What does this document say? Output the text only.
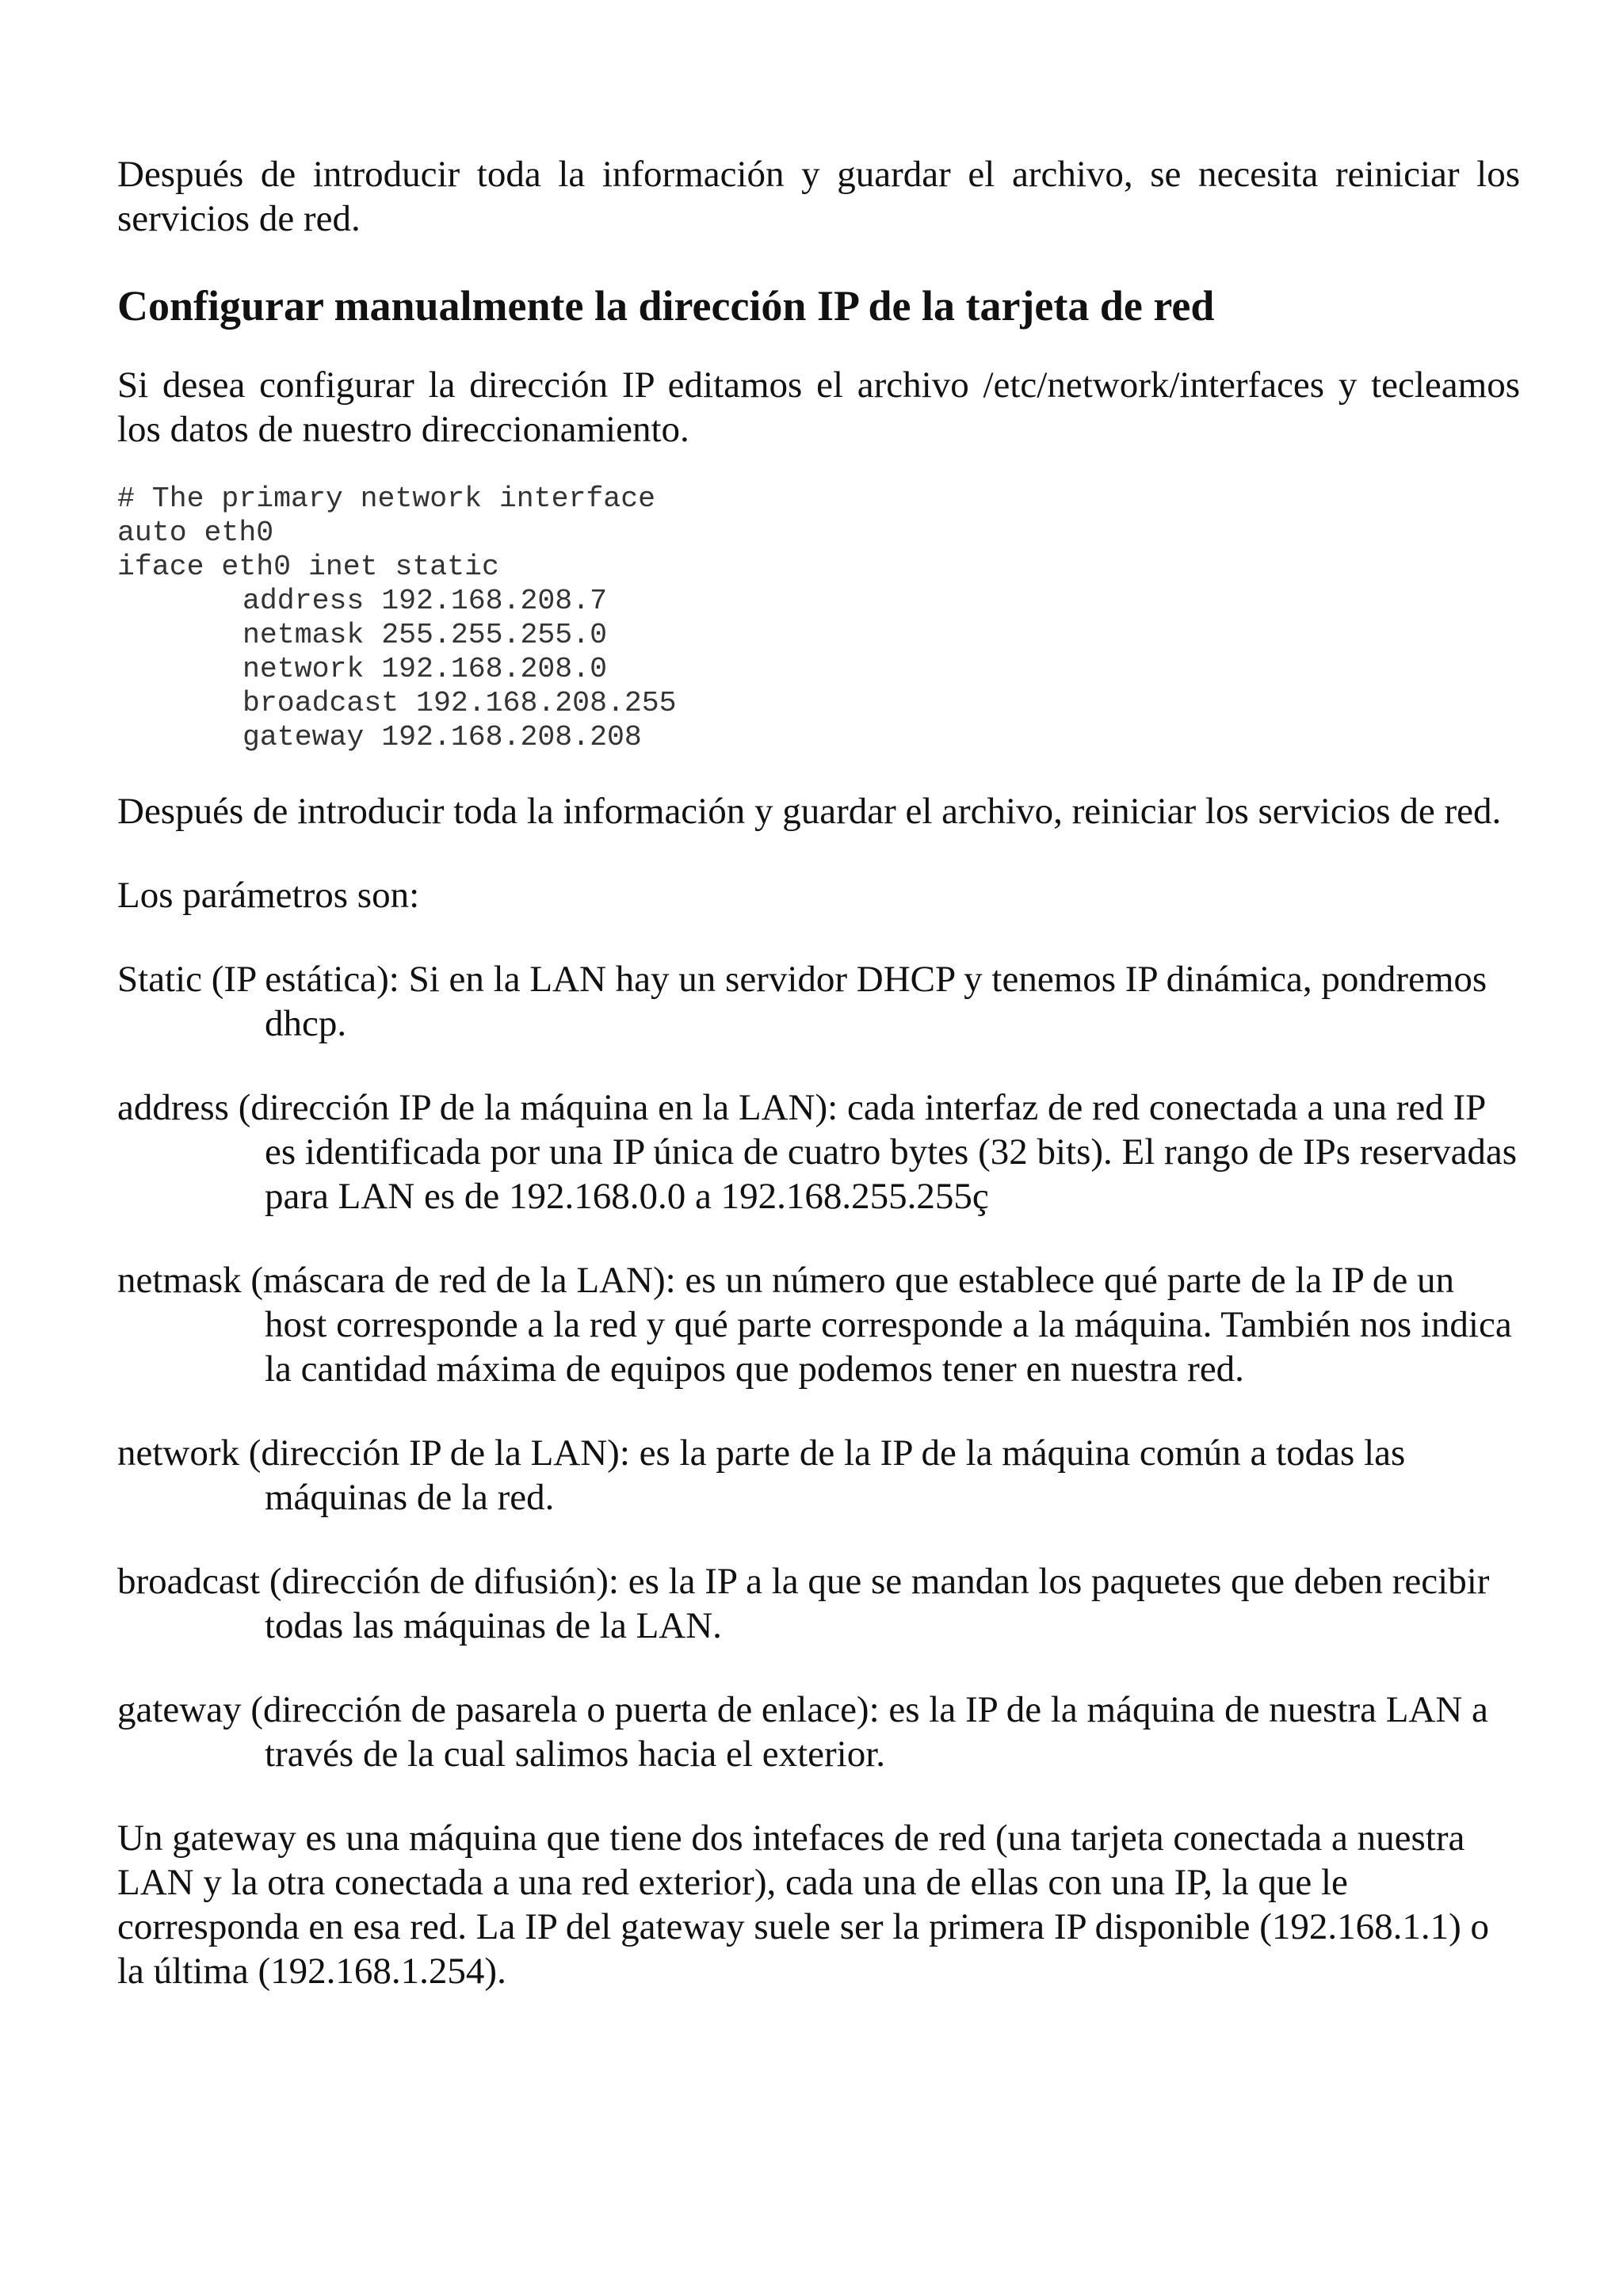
Después de introducir toda la información y guardar el archivo, se necesita reiniciar los servicios de red.

Configurar manualmente la dirección IP de la tarjeta de red

Si desea configurar la dirección IP editamos el archivo /etc/network/interfaces y tecleamos los datos de nuestro direccionamiento.

# The primary network interface
auto eth0
iface eth0 inet static
address 192.168.208.7
netmask 255.255.255.0
network 192.168.208.0
broadcast 192.168.208.255
gateway 192.168.208.208

Después de introducir toda la información y guardar el archivo, reiniciar los servicios de red.

Los parámetros son:

Static (IP estática): Si en la LAN hay un servidor DHCP y tenemos IP dinámica, pondremos dhcp.

address (dirección IP de la máquina en la LAN): cada interfaz de red conectada a una red IP es identificada por una IP única de cuatro bytes (32 bits). El rango de IPs reservadas para LAN es de 192.168.0.0 a 192.168.255.255ç

netmask (máscara de red de la LAN): es un número que establece qué parte de la IP de un host corresponde a la red y qué parte corresponde a la máquina. También nos indica la cantidad máxima de equipos que podemos tener en nuestra red.

network (dirección IP de la LAN): es la parte de la IP de la máquina común a todas las máquinas de la red.

broadcast (dirección de difusión): es la IP a la que se mandan los paquetes que deben recibir todas las máquinas de la LAN.

gateway (dirección de pasarela o puerta de enlace): es la IP de la máquina de nuestra LAN a través de la cual salimos hacia el exterior.

Un gateway es una máquina que tiene dos intefaces de red (una tarjeta conectada a nuestra LAN y la otra conectada a una red exterior), cada una de ellas con una IP, la que le corresponda en esa red. La IP del gateway suele ser la primera IP disponible (192.168.1.1) o la última (192.168.1.254).
